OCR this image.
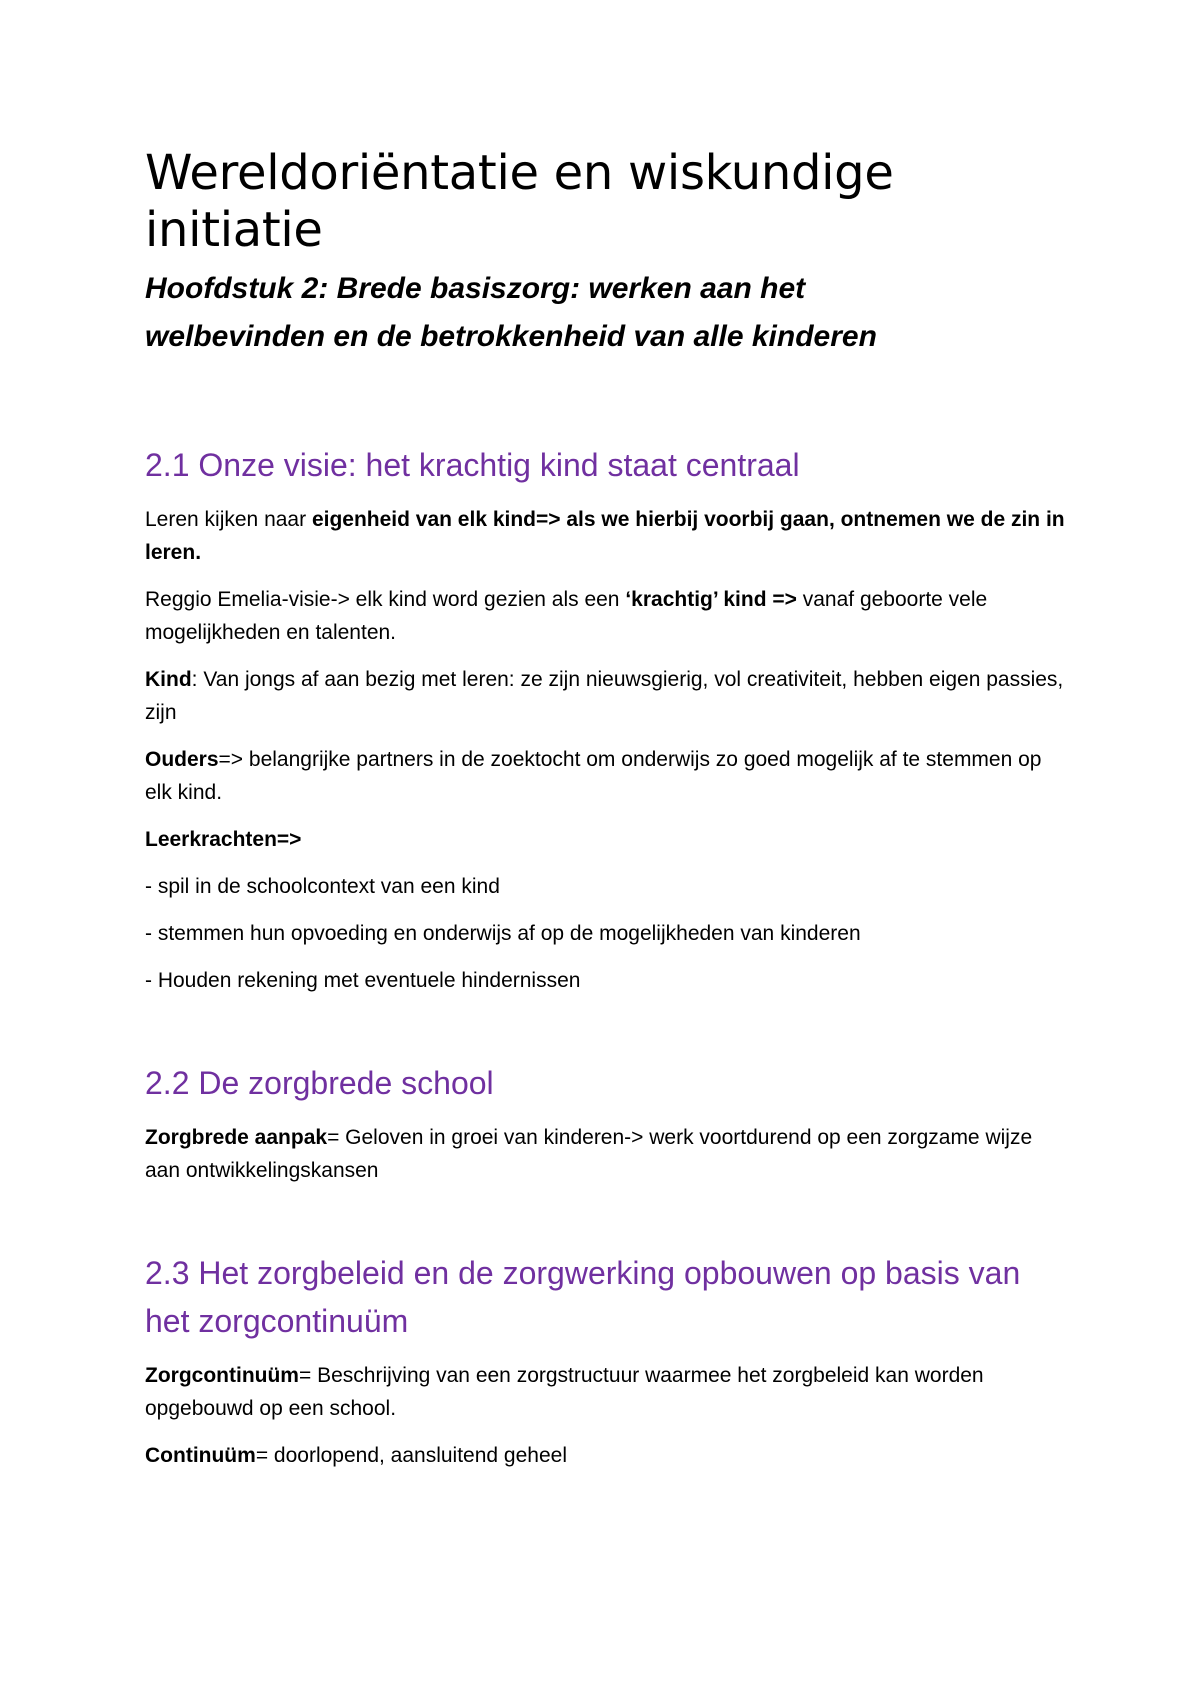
Wereldoriëntatie en wiskundige initiatie
Hoofdstuk 2: Brede basiszorg: werken aan het welbevinden en de betrokkenheid van alle kinderen
2.1 Onze visie: het krachtig kind staat centraal

Leren kijken naar eigenheid van elk kind=> als we hierbij voorbij gaan, ontnemen we de zin in leren.

Reggio Emelia-visie-> elk kind word gezien als een ‘krachtig’ kind => vanaf geboorte vele mogelijkheden en talenten.

Kind: Van jongs af aan bezig met leren: ze zijn nieuwsgierig, vol creativiteit, hebben eigen passies, zijn

Ouders=> belangrijke partners in de zoektocht om onderwijs zo goed mogelijk af te stemmen op elk kind.

Leerkrachten=>

- spil in de schoolcontext van een kind

- stemmen hun opvoeding en onderwijs af op de mogelijkheden van kinderen

- Houden rekening met eventuele hindernissen

2.2 De zorgbrede school

Zorgbrede aanpak= Geloven in groei van kinderen-> werk voortdurend op een zorgzame wijze aan ontwikkelingskansen

2.3 Het zorgbeleid en de zorgwerking opbouwen op basis van het zorgcontinuüm

Zorgcontinuüm= Beschrijving van een zorgstructuur waarmee het zorgbeleid kan worden opgebouwd op een school.

Continuüm= doorlopend, aansluitend geheel
